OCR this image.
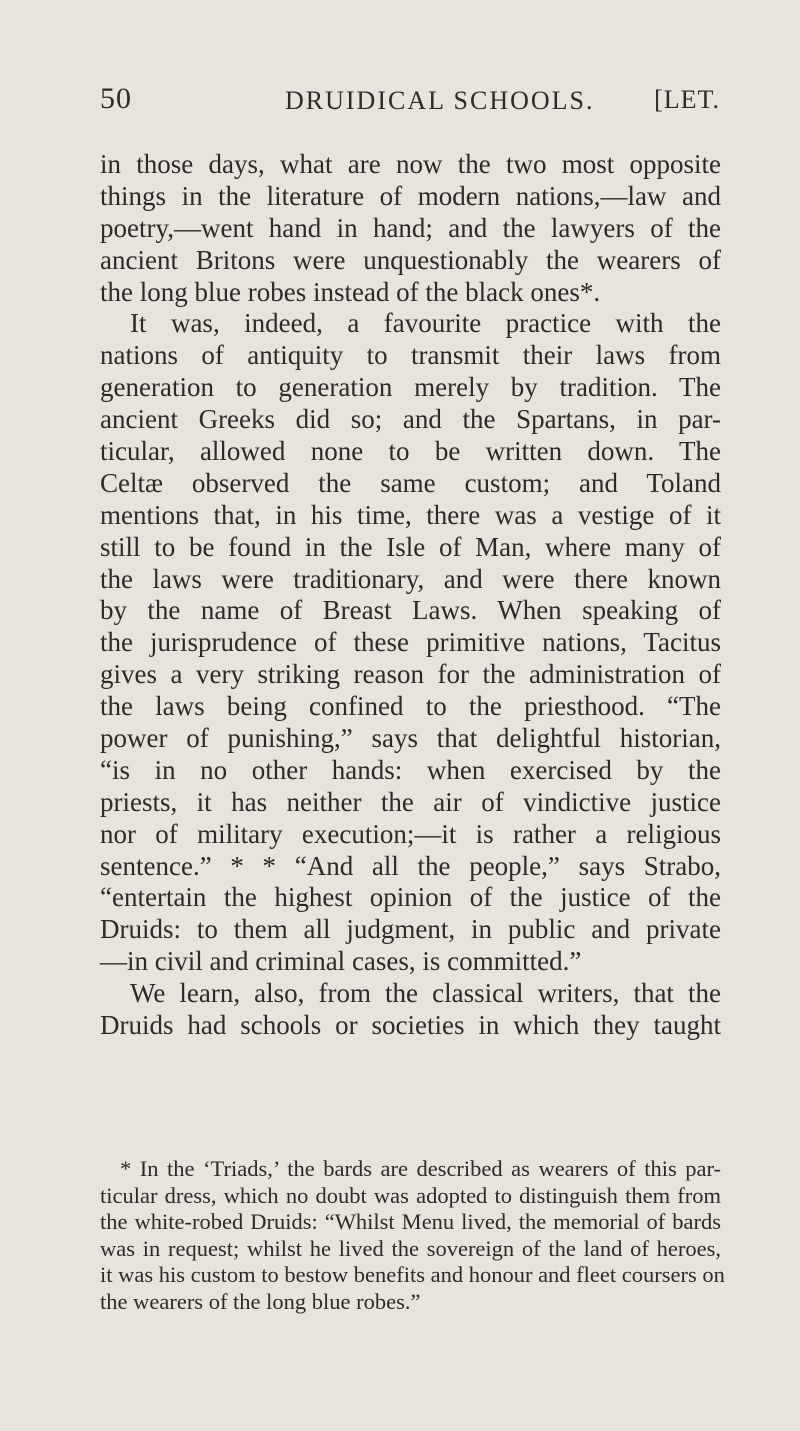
50	DRUIDICAL SCHOOLS. [LET.
in those days, what are now the two most opposite
things in the literature of modern nations,—law and
poetry,—went hand in hand; and the lawyers of the
ancient Britons were unquestionably the wearers of
the long blue robes instead of the black ones*.
It was, indeed, a favourite practice with the
nations of antiquity to transmit their laws from
generation to generation merely by tradition. The
ancient Greeks did so; and the Spartans, in par-
ticular, allowed none to be written down. The
Celtæ observed the same custom; and Toland
mentions that, in his time, there was a vestige of it
still to be found in the Isle of Man, where many of
the laws were traditionary, and were there known
by the name of Breast Laws. When speaking of
the jurisprudence of these primitive nations, Tacitus
gives a very striking reason for the administration of
the laws being confined to the priesthood. “The
power of punishing,” says that delightful historian,
“is in no other hands: when exercised by the
priests, it has neither the air of vindictive justice
nor of military execution;—it is rather a religious
sentence.” * * “And all the people,” says Strabo,
“entertain the highest opinion of the justice of the
Druids: to them all judgment, in public and private
—in civil and criminal cases, is committed.”
We learn, also, from the classical writers, that the
Druids had schools or societies in which they taught
* In the ‘Triads,’ the bards are described as wearers of this par-
ticular dress, which no doubt was adopted to distinguish them from
the white-robed Druids: “Whilst Menu lived, the memorial of bards
was in request; whilst he lived the sovereign of the land of heroes,
it was his custom to bestow benefits and honour and fleet coursers on
the wearers of the long blue robes.”
